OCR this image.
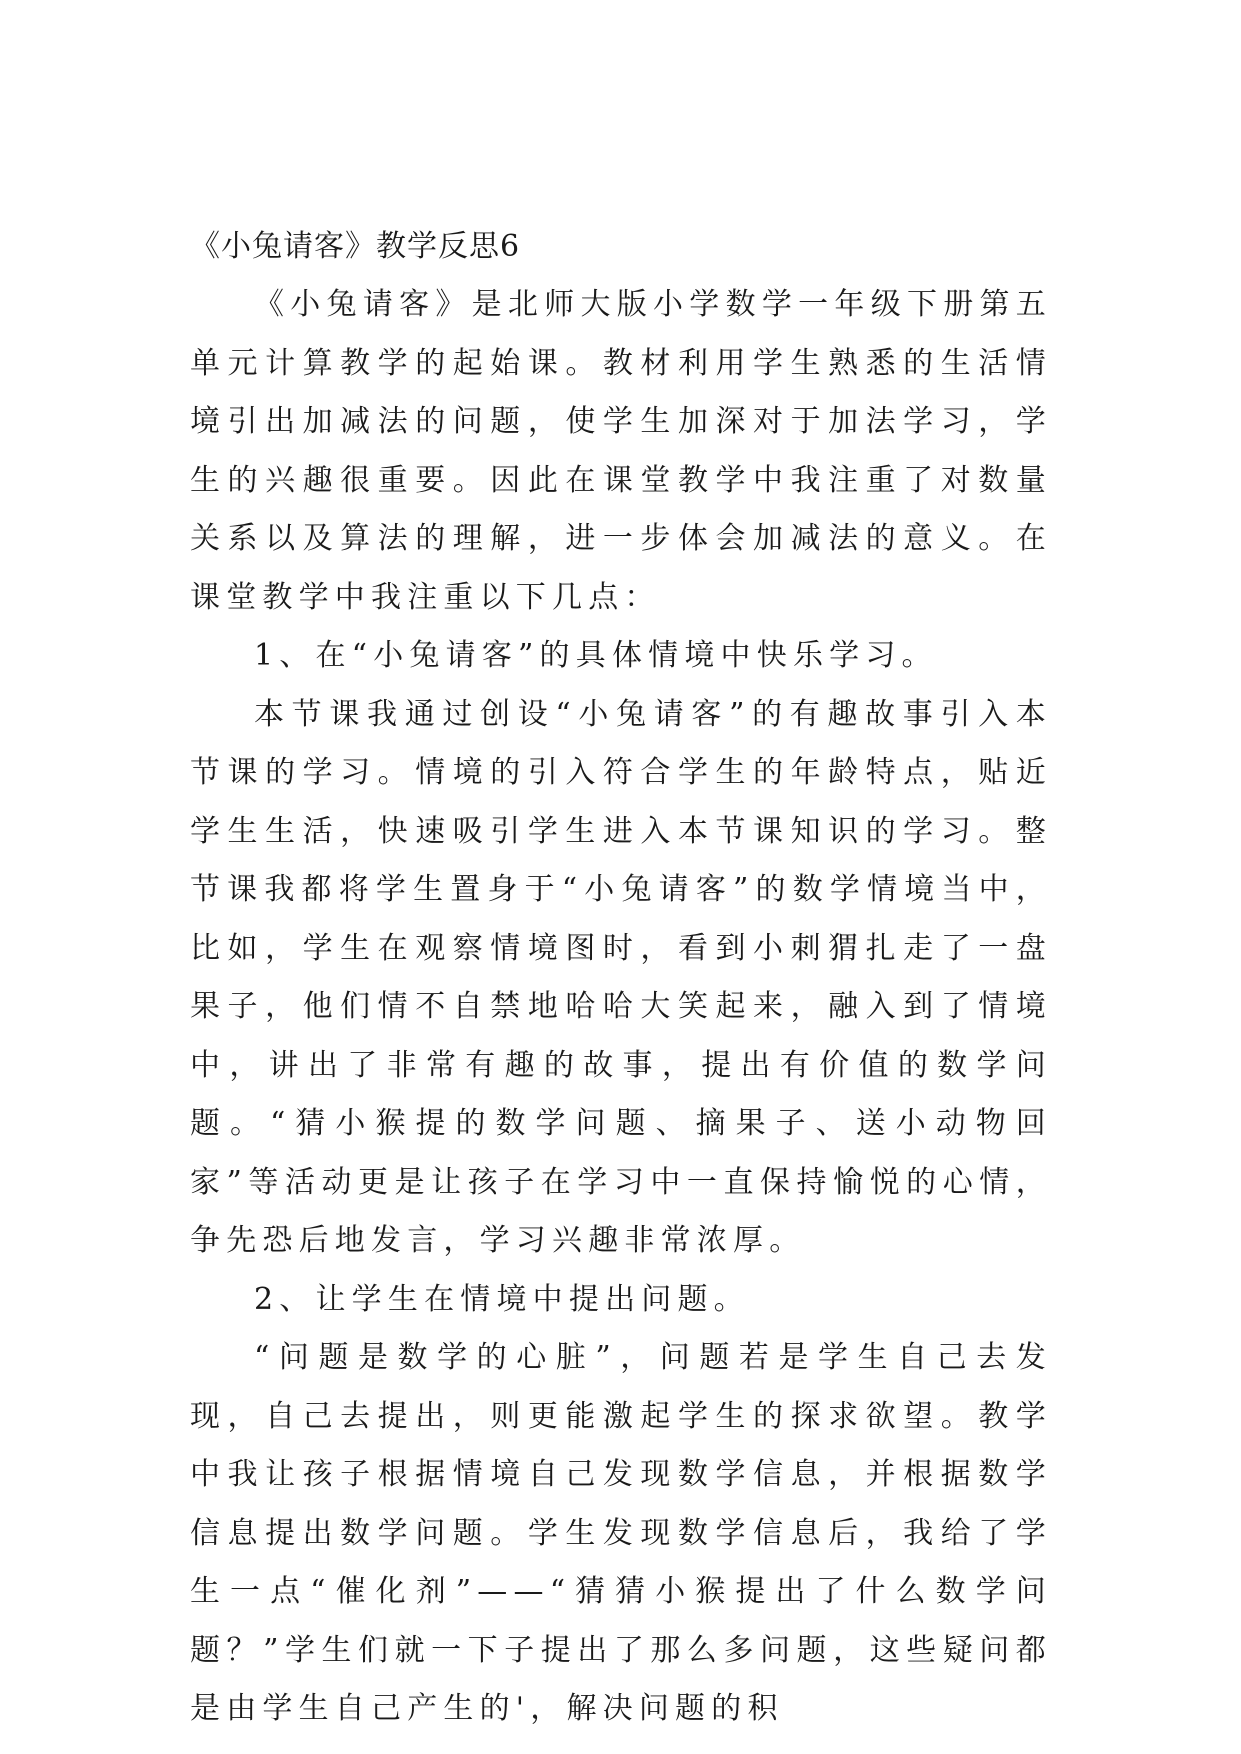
《小兔请客》教学反思6

《小兔请客》是北师大版小学数学一年级下册第五单元计算教学的起始课。教材利用学生熟悉的生活情境引出加减法的问题，使学生加深对于加法学习，学生的兴趣很重要。因此在课堂教学中我注重了对数量关系以及算法的理解，进一步体会加减法的意义。在课堂教学中我注重以下几点：

1、在“小兔请客”的具体情境中快乐学习。

本节课我通过创设“小兔请客”的有趣故事引入本节课的学习。情境的引入符合学生的年龄特点，贴近学生生活，快速吸引学生进入本节课知识的学习。整节课我都将学生置身于“小兔请客”的数学情境当中，比如，学生在观察情境图时，看到小刺猬扎走了一盘果子，他们情不自禁地哈哈大笑起来，融入到了情境中，讲出了非常有趣的故事，提出有价值的数学问题。“猜小猴提的数学问题、摘果子、送小动物回家”等活动更是让孩子在学习中一直保持愉悦的心情，争先恐后地发言，学习兴趣非常浓厚。

2、让学生在情境中提出问题。

“问题是数学的心脏”，问题若是学生自己去发现，自己去提出，则更能激起学生的探求欲望。教学中我让孩子根据情境自己发现数学信息，并根据数学信息提出数学问题。学生发现数学信息后，我给了学生一点“催化剂”——“猜猜小猴提出了什么数学问题？”学生们就一下子提出了那么多问题，这些疑问都是由学生自己产生的'，解决问题的积
